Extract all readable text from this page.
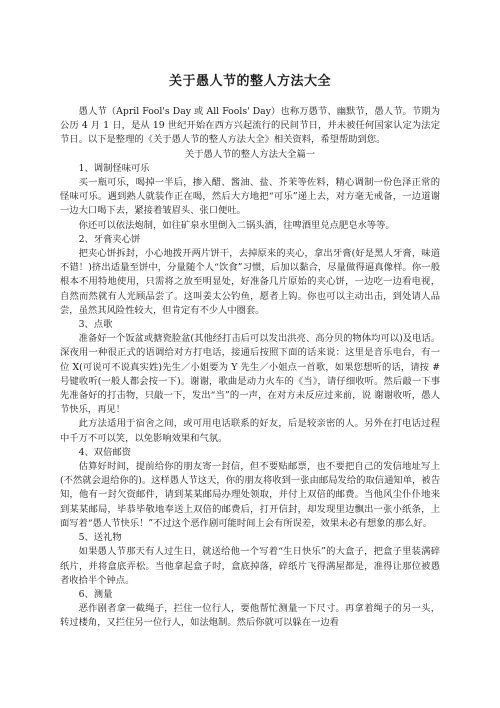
关于愚人节的整人方法大全

愚人节（April Fool's Day 或 All Fools' Day）也称万愚节、幽默节，愚人节。节期为公历 4 月 1 日，是从 19 世纪开始在西方兴起流行的民间节日，并未被任何国家认定为法定节日。以下是整理的《关于愚人节的整人方法大全》相关资料，希望帮助到您。

关于愚人节的整人方法大全篇一

1、调制怪味可乐

买一瓶可乐，喝掉一半后，掺入醋、酱油、盐、芥茉等佐料，精心调制一份色泽正常的怪味可乐。遇到熟人就装作正在喝，然后大方地把“可乐”递上去，对方毫无戒备，一边道谢一边大口喝下去，紧接着皱眉头、张口便吐。

你还可以依法炮制，如往矿泉水里倒入二锅头酒，往啤酒里兑点肥皂水等等。

2、牙膏夹心饼

把夹心饼拆封，小心地拨开两片饼干，去掉原来的夹心，拿出牙膏(好是黑人牙膏，味道不错！)挤出适量至饼中，分量随个人“饮食”习惯，后加以黏合，尽量做得逼真像样。你一般根本不用特地使用，只需将之放至明显处，好准备几片原始的夹心饼，一边吃一边看电视，自然而然就有人光顾品尝了。这叫姜太公钓鱼，愿者上钩。你也可以主动出击，到处请人品尝，虽然其风险性较大，但肯定有不少人中圈套。

3、点歌

准备好一个饭盆或搪瓷脸盆(其他经打击后可以发出洪亮、高分贝的物体均可以)及电话。深夜用一种很正式的语调给对方打电话，接通后按照下面的话来说：这里是音乐电台，有一位 X(可说可不说真实姓)先生／小姐要为 Y 先生／小姐点一首歌，如果您想听的话，请按 # 号键收听(一般人都会按一下)。谢谢，歌曲是动力火车的《当》，请仔细收听。然后敲一下事先准备好的打击物，只敲一下，发出“当”的一声，在对方未反应过来前，说 谢谢收听，愚人节快乐，再见！

此方法适用于宿舍之间，或可用电话联系的好友，后是较亲密的人。另外在打电话过程中千万不可以笑，以免影响效果和气氛。

4、双倍邮资

估算好时间，提前给你的朋友寄一封信，但不要贴邮票，也不要把自己的发信地址写上(不然就会退给你的)。这样愚人节这天，你的朋友将收到一张由邮局发给的取信通知单，被告知，他有一封欠资邮件，请到某某邮局办理处领取，并付上双倍的邮费。当他风尘仆仆地来到某某邮局，毕恭毕敬地奉送上双倍的邮费后，打开信封，却发现里边飘出一张小纸条，上面写着“愚人节快乐！”不过这个恶作剧可能时间上会有所误差，效果未必有想象的那么好。

5、送礼物

如果愚人节那天有人过生日，就送给他一个写着“生日快乐”的大盒子，把盒子里装满碎纸片，并将盒底弄松。当他拿起盒子时，盒底掉落，碎纸片飞得满屋都是，准得让那位被愚者收拾半个钟点。

6、测量

恶作剧者拿一截绳子，拦住一位行人，要他帮忙测量一下尺寸。再拿着绳子的另一头，转过楼角，又拦住另一位行人，如法炮制。然后你就可以躲在一边看
